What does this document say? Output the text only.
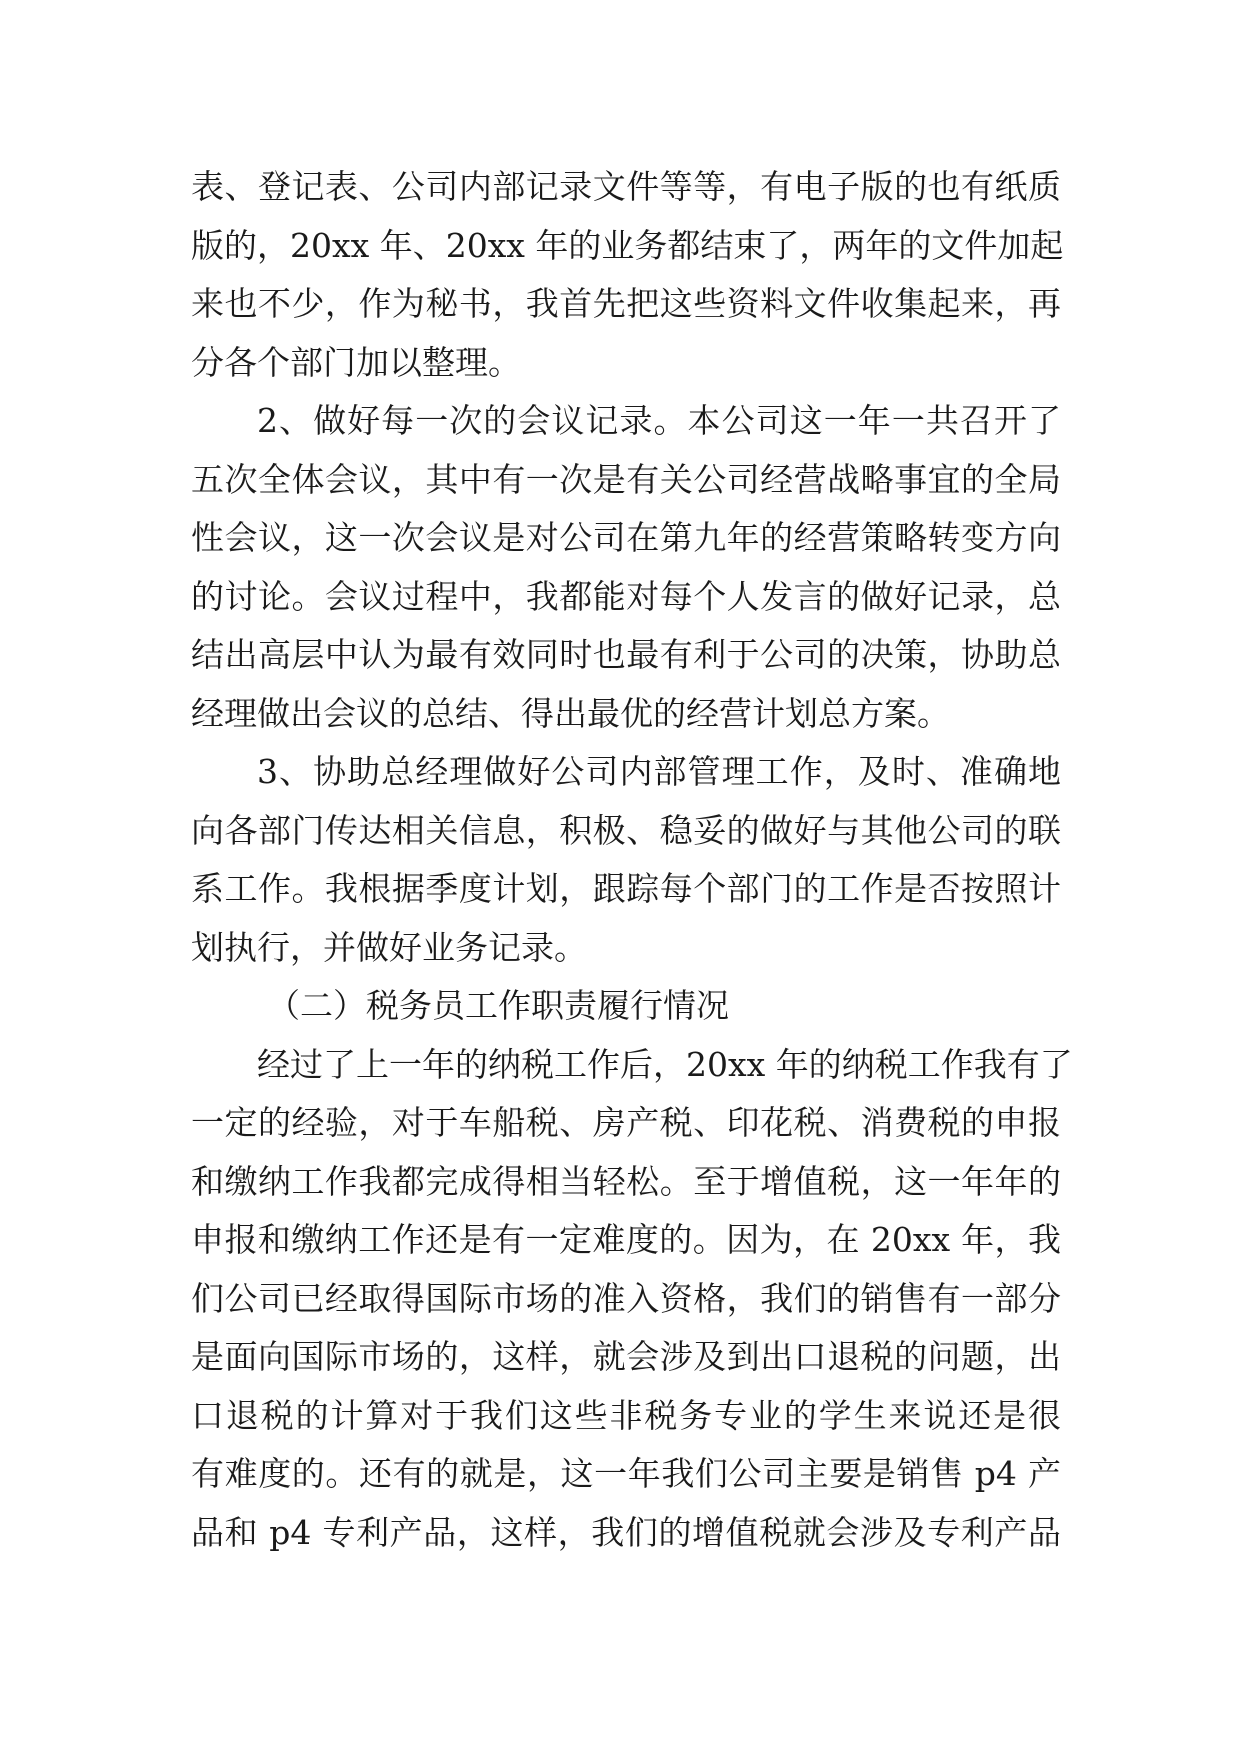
表、登记表、公司内部记录文件等等，有电子版的也有纸质
版的，20xx 年、20xx 年的业务都结束了，两年的文件加起
来也不少，作为秘书，我首先把这些资料文件收集起来，再
分各个部门加以整理。
2、做好每一次的会议记录。本公司这一年一共召开了
五次全体会议，其中有一次是有关公司经营战略事宜的全局
性会议，这一次会议是对公司在第九年的经营策略转变方向
的讨论。会议过程中，我都能对每个人发言的做好记录，总
结出高层中认为最有效同时也最有利于公司的决策，协助总
经理做出会议的总结、得出最优的经营计划总方案。
3、协助总经理做好公司内部管理工作，及时、准确地
向各部门传达相关信息，积极、稳妥的做好与其他公司的联
系工作。我根据季度计划，跟踪每个部门的工作是否按照计
划执行，并做好业务记录。
（二）税务员工作职责履行情况
经过了上一年的纳税工作后，20xx 年的纳税工作我有了
一定的经验，对于车船税、房产税、印花税、消费税的申报
和缴纳工作我都完成得相当轻松。至于增值税，这一年年的
申报和缴纳工作还是有一定难度的。因为，在 20xx 年，我
们公司已经取得国际市场的准入资格，我们的销售有一部分
是面向国际市场的，这样，就会涉及到出口退税的问题，出
口退税的计算对于我们这些非税务专业的学生来说还是很
有难度的。还有的就是，这一年我们公司主要是销售 p4 产
品和 p4 专利产品，这样，我们的增值税就会涉及专利产品
